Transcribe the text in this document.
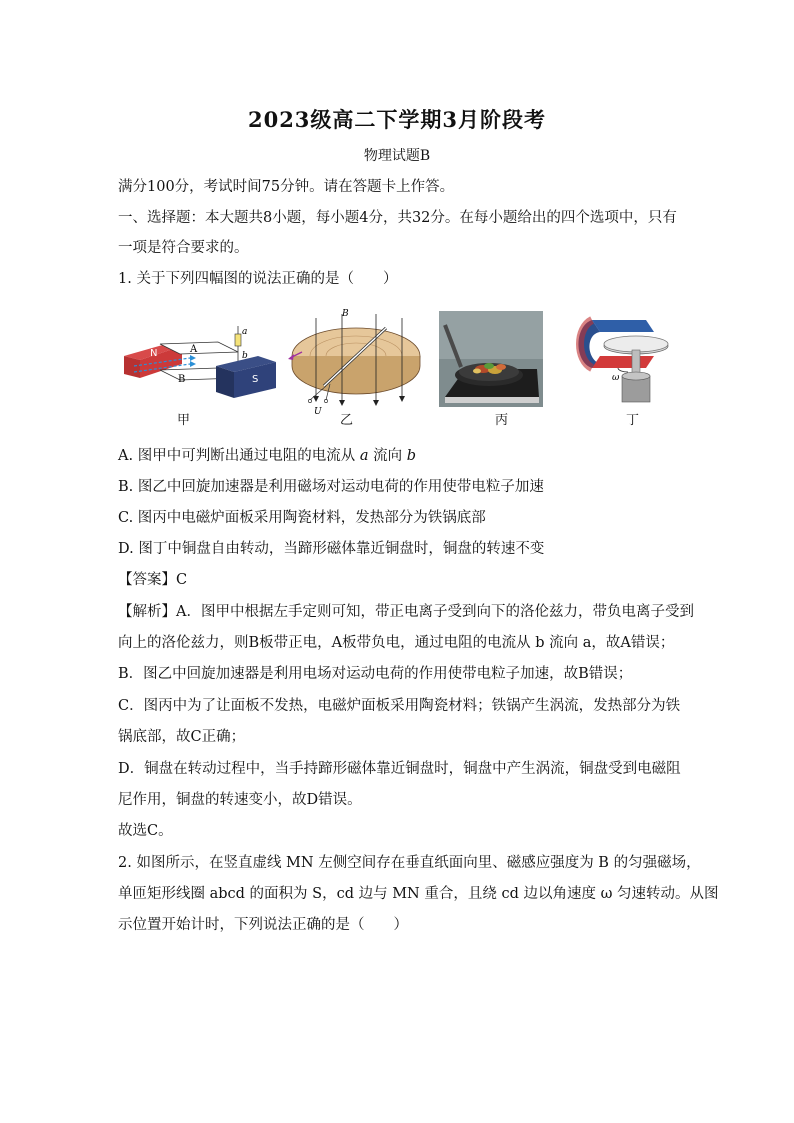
2023级高二下学期3月阶段考
物理试题B
满分100分，考试时间75分钟。请在答题卡上作答。
一、选择题：本大题共8小题，每小题4分，共32分。在每小题给出的四个选项中，只有
一项是符合要求的。
1. 关于下列四幅图的说法正确的是（　　）
N	A
B
a
b
S
甲
B
U
乙	丙
ω
丁
A. 图甲中可判断出通过电阻的电流从 a 流向 b
B. 图乙中回旋加速器是利用磁场对运动电荷的作用使带电粒子加速
C. 图丙中电磁炉面板采用陶瓷材料，发热部分为铁锅底部
D. 图丁中铜盘自由转动，当蹄形磁体靠近铜盘时，铜盘的转速不变
【答案】C
【解析】A．图甲中根据左手定则可知，带正电离子受到向下的洛伦兹力，带负电离子受到
向上的洛伦兹力，则B板带正电，A板带负电，通过电阻的电流从 b 流向 a，故A错误；
B．图乙中回旋加速器是利用电场对运动电荷的作用使带电粒子加速，故B错误；
C．图丙中为了让面板不发热，电磁炉面板采用陶瓷材料；铁锅产生涡流，发热部分为铁
锅底部，故C正确；
D．铜盘在转动过程中，当手持蹄形磁体靠近铜盘时，铜盘中产生涡流，铜盘受到电磁阻
尼作用，铜盘的转速变小，故D错误。
故选C。
2. 如图所示，在竖直虚线 MN 左侧空间存在垂直纸面向里、磁感应强度为 B 的匀强磁场，
单匝矩形线圈 abcd 的面积为 S，cd 边与 MN 重合，且绕 cd 边以角速度 ω 匀速转动。从图
示位置开始计时，下列说法正确的是（　　）
